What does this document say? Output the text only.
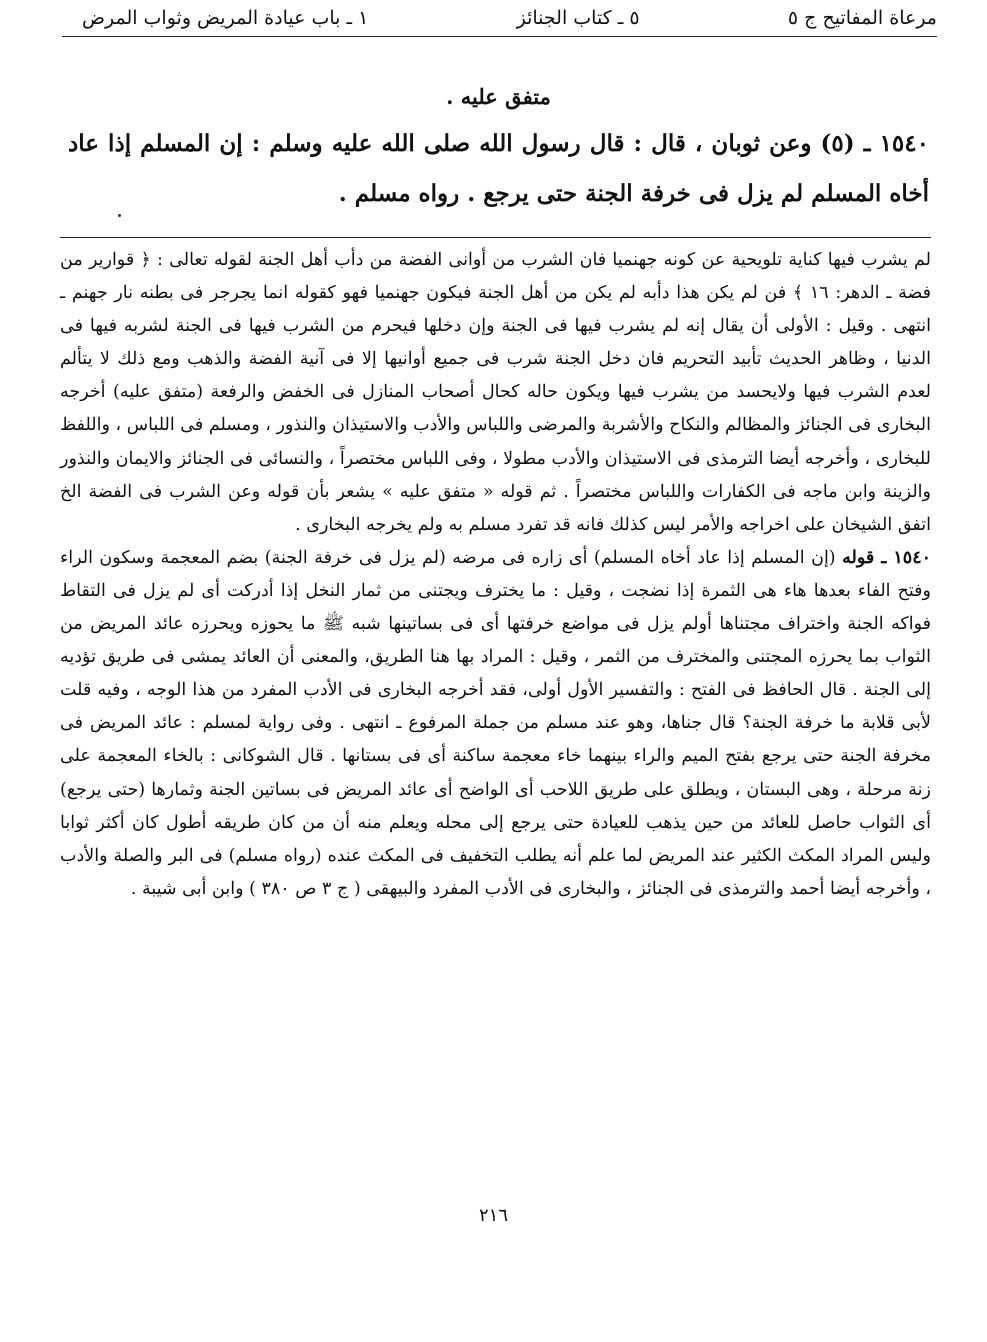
مرعاة المفاتيح ج ٥
٥ ـ كتاب الجنائز
١ ـ باب عيادة المريض وثواب المرض

متفق عليه .

١٥٤٠ ـ (٥) وعن ثوبان ، قال : قال رسول الله صلى الله عليه وسلم : إن المسلم إذا عاد أخاه المسلم لم يزل فى خرفة الجنة حتى يرجع . رواه مسلم .

لم يشرب فيها كناية تلويحية عن كونه جهنميا فان الشرب من أوانى الفضة من دأب أهل الجنة لقوله تعالى : ﴿ قوارير من فضة ـ الدهر: ١٦ ﴾ فن لم يكن هذا دأبه لم يكن من أهل الجنة فيكون جهنميا فهو كقوله انما يجرجر فى بطنه نار جهنم ـ انتهى . وقيل : الأولى أن يقال إنه لم يشرب فيها فى الجنة وإن دخلها فيحرم من الشرب فيها فى الجنة لشربه فيها فى الدنيا ، وظاهر الحديث تأبيد التحريم فان دخل الجنة شرب فى جميع أوانيها إلا فى آنية الفضة والذهب ومع ذلك لا يتألم لعدم الشرب فيها ولايحسد من يشرب فيها ويكون حاله كحال أصحاب المنازل فى الخفض والرفعة (متفق عليه) أخرجه البخارى فى الجنائز والمظالم والنكاح والأشربة والمرضى واللباس والأدب والاستيذان والنذور ، ومسلم فى اللباس ، واللفظ للبخارى ، وأخرجه أيضا الترمذى فى الاستيذان والأدب مطولا ، وفى اللباس مختصراً ، والنسائى فى الجنائز والايمان والنذور والزينة وابن ماجه فى الكفارات واللباس مختصراً . ثم قوله « متفق عليه » يشعر بأن قوله وعن الشرب فى الفضة الخ اتفق الشيخان على اخراجه والأمر ليس كذلك فانه قد تفرد مسلم به ولم يخرجه البخارى .

١٥٤٠ ـ قوله (إن المسلم إذا عاد أخاه المسلم) أى زاره فى مرضه (لم يزل فى خرفة الجنة) بضم المعجمة وسكون الراء وفتح الفاء بعدها هاء هى الثمرة إذا نضجت ، وقيل : ما يخترف ويجتنى من ثمار النخل إذا أدركت أى لم يزل فى التقاط فواكه الجنة واختراف مجتناها أولم يزل فى مواضع خرفتها أى فى بساتينها شبه ﷺ ما يحوزه ويحرزه عائد المريض من الثواب بما يحرزه المجتنى والمخترف من الثمر ، وقيل : المراد بها هنا الطريق، والمعنى أن العائد يمشى فى طريق تؤديه إلى الجنة . قال الحافظ فى الفتح : والتفسير الأول أولى، فقد أخرجه البخارى فى الأدب المفرد من هذا الوجه ، وفيه قلت لأبى قلابة ما خرفة الجنة؟ قال جناها، وهو عند مسلم من جملة المرفوع ـ انتهى . وفى رواية لمسلم : عائد المريض فى مخرفة الجنة حتى يرجع بفتح الميم والراء بينهما خاء معجمة ساكنة أى فى بستانها . قال الشوكانى : بالخاء المعجمة على زنة مرحلة ، وهى البستان ، ويطلق على طريق اللاحب أى الواضح أى عائد المريض فى بساتين الجنة وثمارها (حتى يرجع) أى الثواب حاصل للعائد من حين يذهب للعيادة حتى يرجع إلى محله ويعلم منه أن من كان طريقه أطول كان أكثر ثوابا وليس المراد المكث الكثير عند المريض لما علم أنه يطلب التخفيف فى المكث عنده (رواه مسلم) فى البر والصلة والأدب ، وأخرجه أيضا أحمد والترمذى فى الجنائز ، والبخارى فى الأدب المفرد والبيهقى ( ج ٣ ص ٣٨٠ ) وابن أبى شيبة .

٢١٦
